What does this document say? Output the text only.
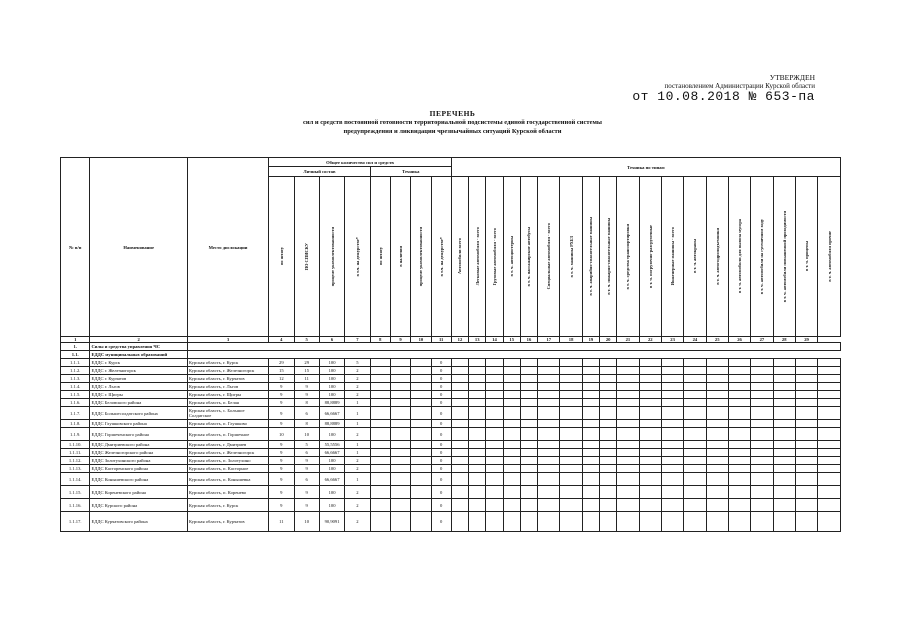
УТВЕРЖДЕН
постановлением Администрации Курской области
от 10.08.2018 № 653-па
ПЕРЕЧЕНЬ
сил и средств постоянной готовности территориальной подсистемы единой государственной системы
предупреждения и ликвидации чрезвычайных ситуаций Курской области
№ п/п	Наименование	Место дислокации	Общее количество сил и средств								Техника по типам																		
			Личный состав				Техника																						

			по штату	ПО СПИСКУ	процент укомплектованности	в т.ч. на дежурстве*	по штату	в наличии	процент укомплектованности	в т.ч. на дежурстве*	Автомобили всего	Легковые автомобили - всего	Грузовые автомобили - всего	в т. ч. автоцистерны	в т. ч. пассажирские автобусы	Специальные автомобили - всего	в т. ч. машины РХБЗ	в т. ч. аварийно-спасательные машины	в т. ч. пожарно-спасательные машины	в т. ч. средства транспортировки	в т. ч. погрузочно-разгрузочные	Инженерные машины - всего	в т. ч. автокраны	в т. ч. автогидроподъемники	в т. ч. автомобили для вывоза мусора	в т. ч. автомобили на гусеничном ходу	в т. ч. автомобили повышенной проходимости	в т. ч. прицепы	в т. ч. автомобили прочие

1	2	3	4	5	6	7	8	9	10	11	12	13	14	15	16	17	18	19	20	21	22	23	24	25	26	27	28	29	
1.	Силы и средства управления ЧС																												
1.1.	ЕДДС муниципальных образований																												
1.1.1.	ЕДДС г. Курск	Курская область, г. Курск	29	29	100	5				0																			
1.1.2.	ЕДДС г. Железногорск	Курская область, г. Железногорск	15	15	100	2				0																			
1.1.3.	ЕДДС г. Курчатов	Курская область, г. Курчатов	12	11	100	2				0																			
1.1.4.	ЕДДС г. Льгов	Курская область, г. Льгов	9	9	100	2				0																			
1.1.5.	ЕДДС г. Щигры	Курская область, г. Щигры	9	9	100	2				0																			
1.1.6.	ЕДДС Беловского района	Курская область, п. Белая	9	8	88,8889	1				0																			
1.1.7.	ЕДДС Большесолдатского района	Курская область, с. Большое Солдатское	9	6	66,6667	1				0																			
1.1.8.	ЕДДС Глушковского района	Курская область, п. Глушково	9	8	88,8889	1				0																			
1.1.9.	ЕДДС Горшеченского района	Курская область, п. Горшечное	10	10	100	2				0																			
1.1.10.	ЕДДС Дмитриевского района	Курская область, г. Дмитриев	9	5	55,5556	1				0																			
1.1.11.	ЕДДС Железногорского района	Курская область, г. Железногорск	9	6	66,6667	1				0																			
1.1.12.	ЕДДС Золотухинского района	Курская область, п. Золотухино	9	9	100	2				0																			
1.1.13.	ЕДДС Касторенского района	Курская область, п. Касторное	9	9	100	2				0																			
1.1.14.	ЕДДС Конышевского района	Курская область, п. Конышевка	9	6	66,6667	1				0																			
1.1.15.	ЕДДС Кореневского района	Курская область, п. Коренево	9	9	100	2				0																			
1.1.16.	ЕДДС Курского района	Курская область, г. Курск	9	9	100	2				0																			
1.1.17.	ЕДДС Курчатовского района	Курская область, г. Курчатов	11	10	90,9091	2				0																			
